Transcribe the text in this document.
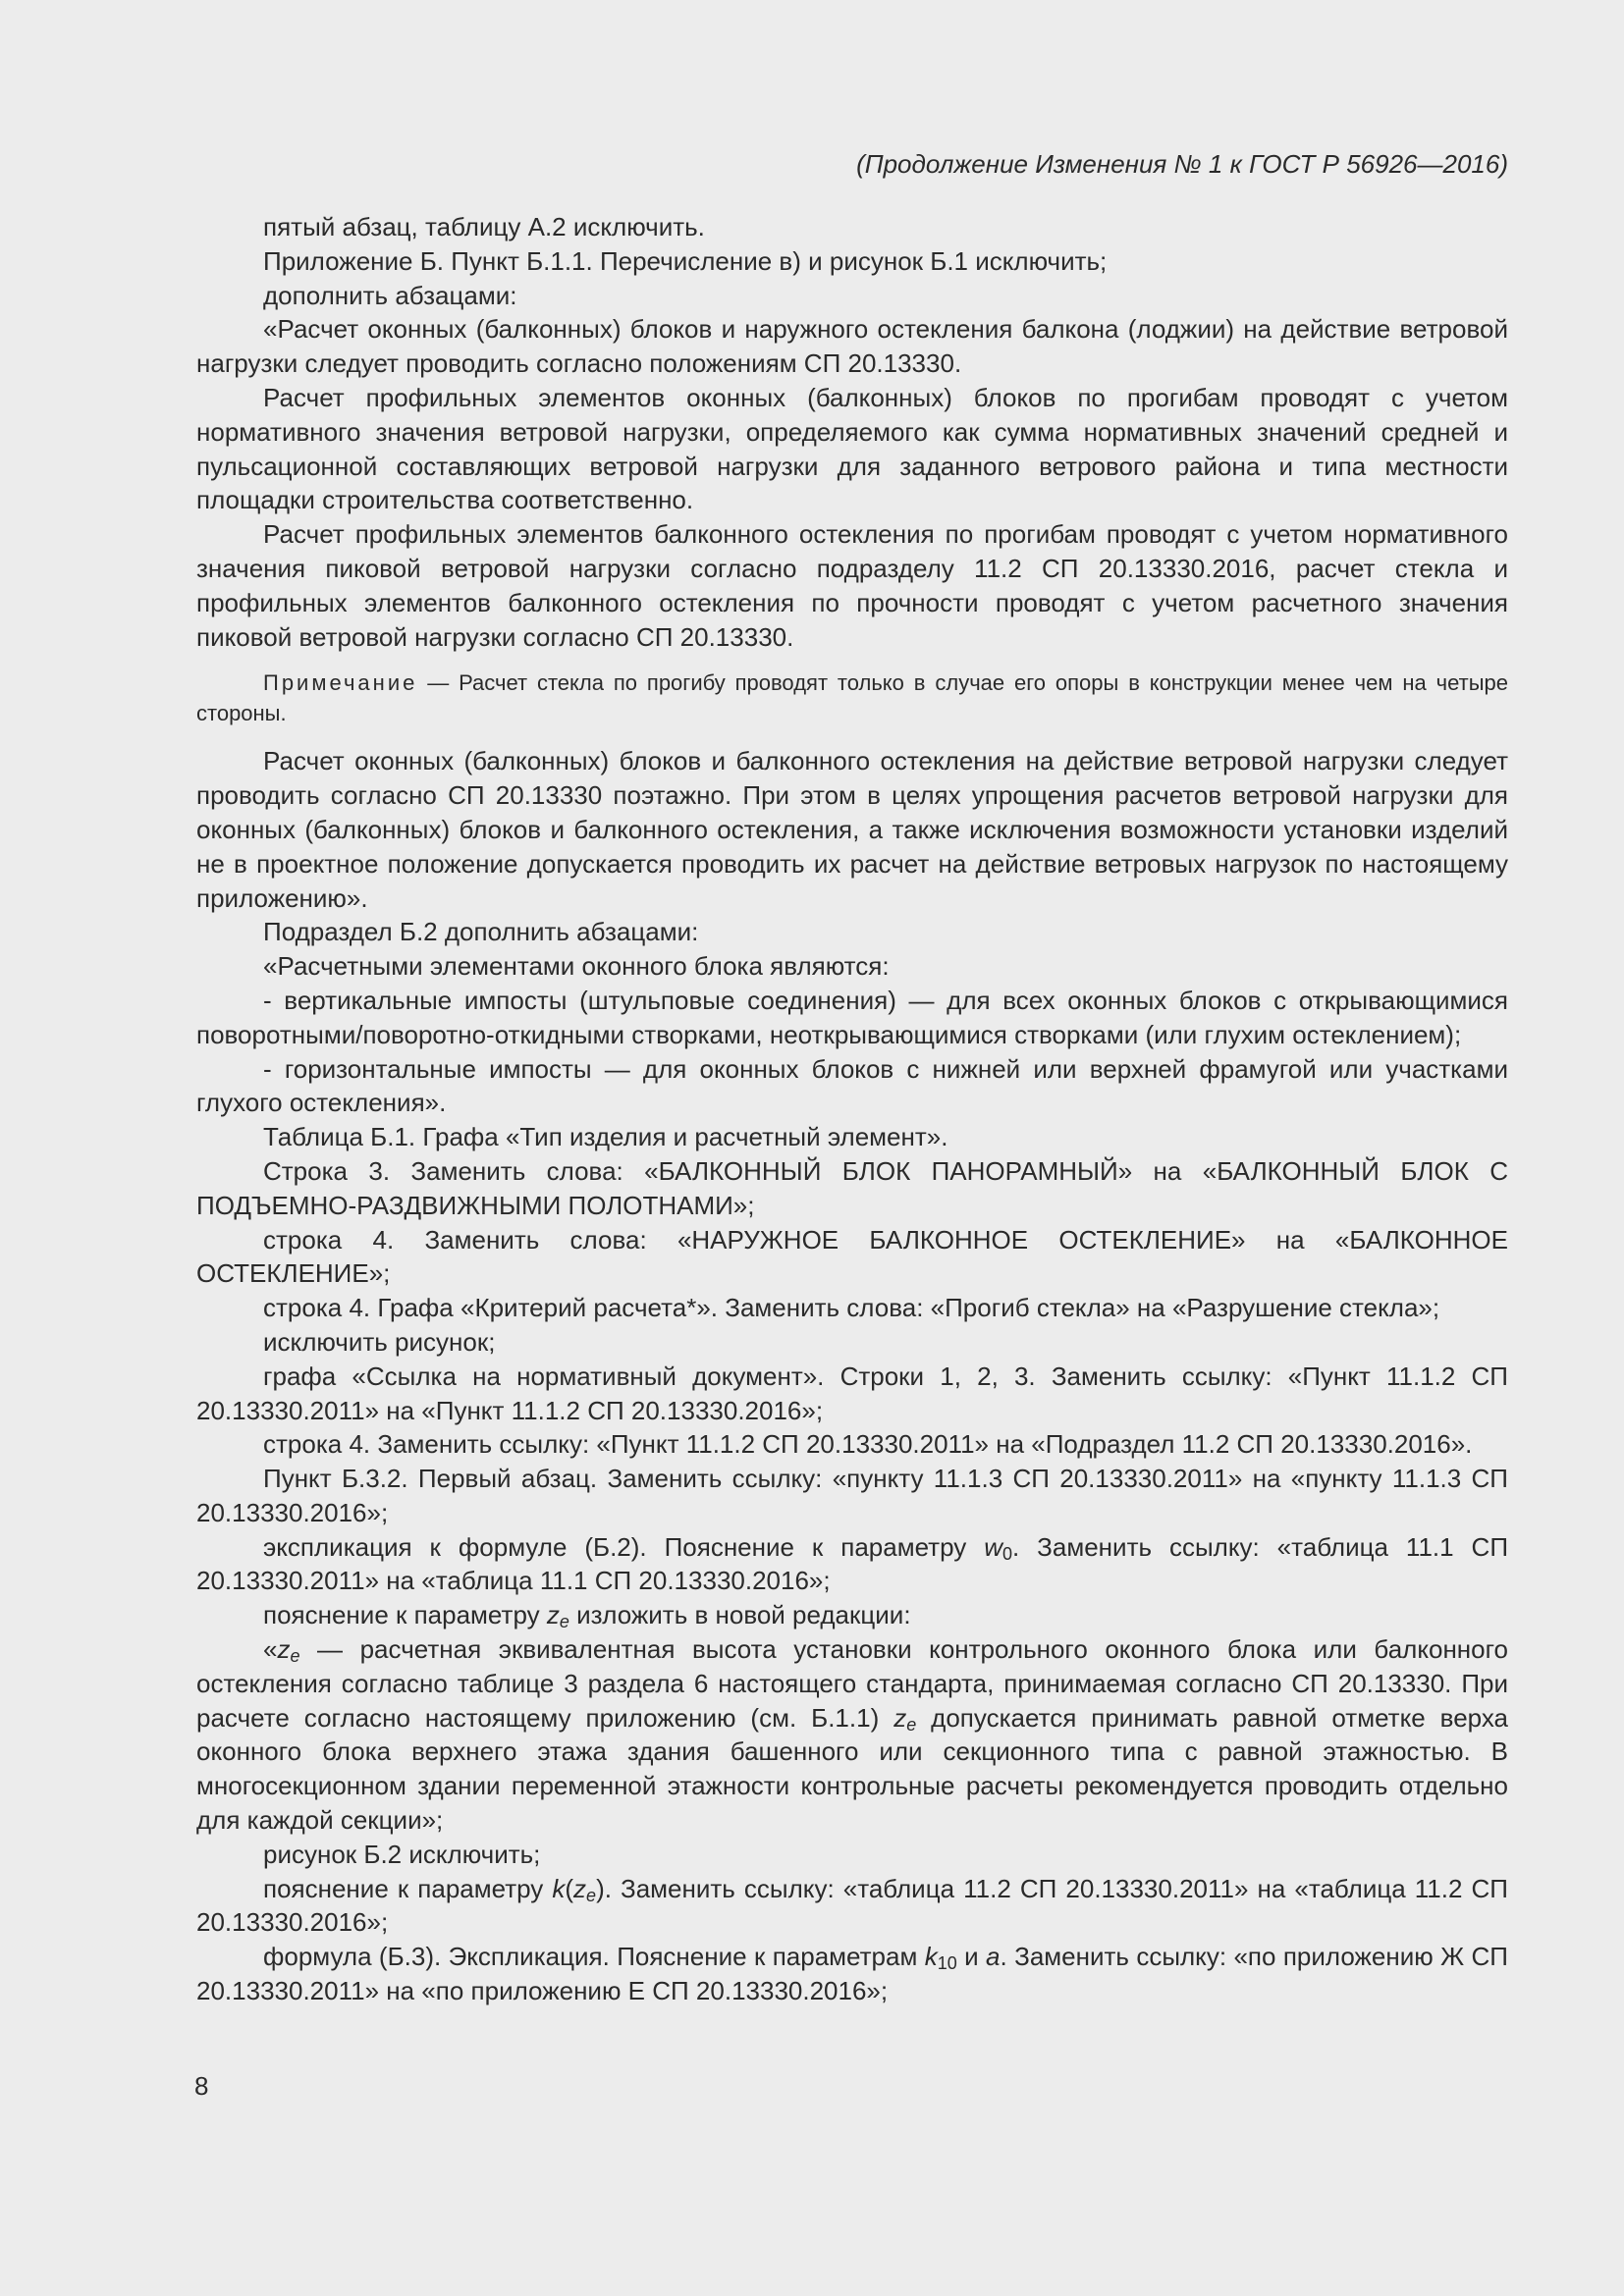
(Продолжение Изменения № 1 к ГОСТ Р 56926—2016)

пятый абзац, таблицу А.2 исключить.

Приложение Б. Пункт Б.1.1. Перечисление в) и рисунок Б.1 исключить;

дополнить абзацами:

«Расчет оконных (балконных) блоков и наружного остекления балкона (лоджии) на действие ветровой нагрузки следует проводить согласно положениям СП 20.13330.

Расчет профильных элементов оконных (балконных) блоков по прогибам проводят с учетом нормативного значения ветровой нагрузки, определяемого как сумма нормативных значений средней и пульсационной составляющих ветровой нагрузки для заданного ветрового района и типа местности площадки строительства соответственно.

Расчет профильных элементов балконного остекления по прогибам проводят с учетом нормативного значения пиковой ветровой нагрузки согласно подразделу 11.2 СП 20.13330.2016, расчет стекла и профильных элементов балконного остекления по прочности проводят с учетом расчетного значения пиковой ветровой нагрузки согласно СП 20.13330.

Примечание — Расчет стекла по прогибу проводят только в случае его опоры в конструкции менее чем на четыре стороны.

Расчет оконных (балконных) блоков и балконного остекления на действие ветровой нагрузки следует проводить согласно СП 20.13330 поэтажно. При этом в целях упрощения расчетов ветровой нагрузки для оконных (балконных) блоков и балконного остекления, а также исключения возможности установки изделий не в проектное положение допускается проводить их расчет на действие ветровых нагрузок по настоящему приложению».

Подраздел Б.2 дополнить абзацами:

«Расчетными элементами оконного блока являются:

- вертикальные импосты (штульповые соединения) — для всех оконных блоков с открывающимися поворотными/поворотно-откидными створками, неоткрывающимися створками (или глухим остеклением);

- горизонтальные импосты — для оконных блоков с нижней или верхней фрамугой или участками глухого остекления».

Таблица Б.1. Графа «Тип изделия и расчетный элемент».

Строка 3. Заменить слова: «БАЛКОННЫЙ БЛОК ПАНОРАМНЫЙ» на «БАЛКОННЫЙ БЛОК С ПОДЪЕМНО-РАЗДВИЖНЫМИ ПОЛОТНАМИ»;

строка 4. Заменить слова: «НАРУЖНОЕ БАЛКОННОЕ ОСТЕКЛЕНИЕ» на «БАЛКОННОЕ ОСТЕКЛЕНИЕ»;

строка 4. Графа «Критерий расчета*». Заменить слова: «Прогиб стекла» на «Разрушение стекла»;

исключить рисунок;

графа «Ссылка на нормативный документ». Строки 1, 2, 3. Заменить ссылку: «Пункт 11.1.2 СП 20.13330.2011» на «Пункт 11.1.2 СП 20.13330.2016»;

строка 4. Заменить ссылку: «Пункт 11.1.2 СП 20.13330.2011» на «Подраздел 11.2 СП 20.13330.2016».

Пункт Б.3.2. Первый абзац. Заменить ссылку: «пункту 11.1.3 СП 20.13330.2011» на «пункту 11.1.3 СП 20.13330.2016»;

экспликация к формуле (Б.2). Пояснение к параметру $w_0$. Заменить ссылку: «таблица 11.1 СП 20.13330.2011» на «таблица 11.1 СП 20.13330.2016»;

пояснение к параметру $z_e$ изложить в новой редакции:

«$z_e$ — расчетная эквивалентная высота установки контрольного оконного блока или балконного остекления согласно таблице 3 раздела 6 настоящего стандарта, принимаемая согласно СП 20.13330. При расчете согласно настоящему приложению (см. Б.1.1) $z_e$ допускается принимать равной отметке верха оконного блока верхнего этажа здания башенного или секционного типа с равной этажностью. В многосекционном здании переменной этажности контрольные расчеты рекомендуется проводить отдельно для каждой секции»;

рисунок Б.2 исключить;

пояснение к параметру $k(z_e)$. Заменить ссылку: «таблица 11.2 СП 20.13330.2011» на «таблица 11.2 СП 20.13330.2016»;

формула (Б.3). Экспликация. Пояснение к параметрам $k_{10}$ и a. Заменить ссылку: «по приложению Ж СП 20.13330.2011» на «по приложению Е СП 20.13330.2016»;

8
